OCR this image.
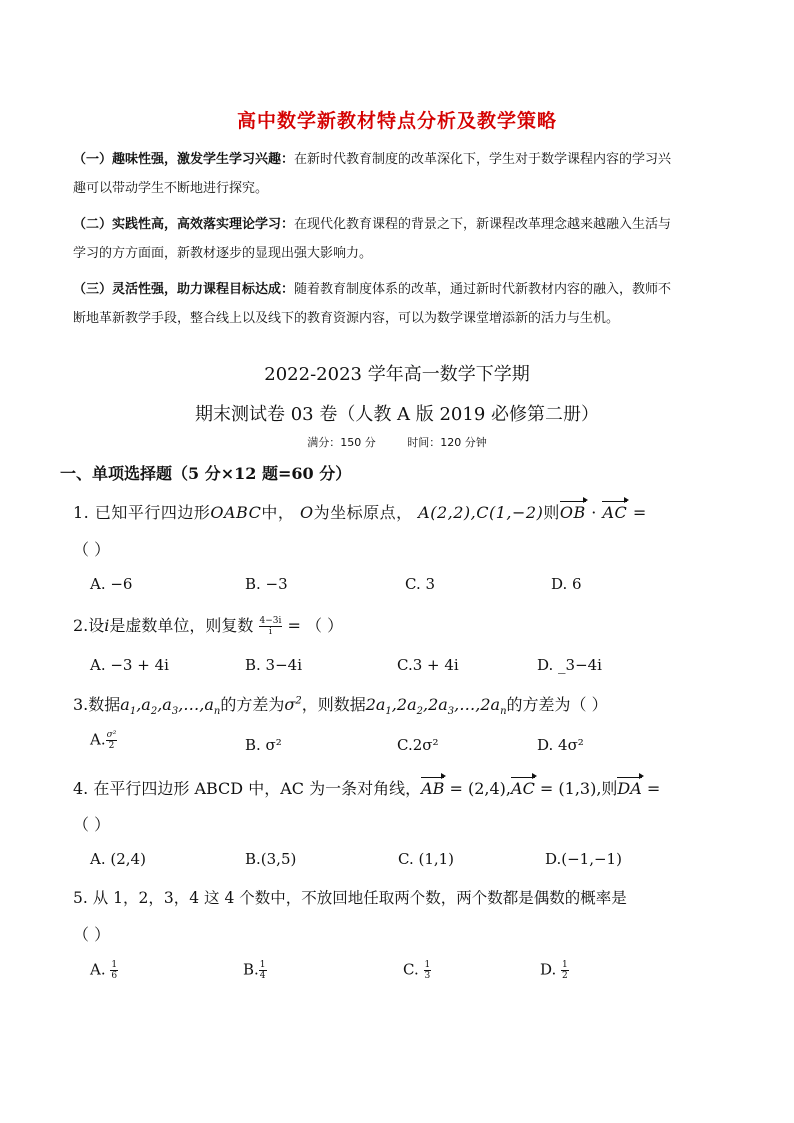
高中数学新教材特点分析及教学策略
（一）趣味性强，激发学生学习兴趣：在新时代教育制度的改革深化下，学生对于数学课程内容的学习兴
趣可以带动学生不断地进行探究。
（二）实践性高，高效落实理论学习：在现代化教育课程的背景之下，新课程改革理念越来越融入生活与
学习的方方面面，新教材逐步的显现出强大影响力。
（三）灵活性强，助力课程目标达成：随着教育制度体系的改革，通过新时代新教材内容的融入，教师不
断地革新教学手段，整合线上以及线下的教育资源内容，可以为数学课堂增添新的活力与生机。
2022-2023 学年高一数学下学期
期末测试卷 03 卷（人教 A 版 2019 必修第二册）
满分：150 分	时间：120 分钟
一、单项选择题（5 分×12 题=60 分）
1. 已知平行四边形OABC中， O为坐标原点， A(2,2),C(1,−2)则OB · AC =
（ ）
A. −6	B. −3	C. 3	D. 6
2.设i是虚数单位，则复数 $\frac{4-3i}{i}$ = （ ）
A. −3 + 4i	B. 3−4i	C.3 + 4i	D. _3−4i
3.数据$a_1,a_2,a_3,\dots,a_n$的方差为$\sigma^2$，则数据$2a_1,2a_2,2a_3,\dots,2a_n$的方差为（ ）
A. $\frac{\text{σ²}}{2}$	B. σ²	C.2σ²	D. 4σ²
4. 在平行四边形 ABCD 中，AC 为一条对角线，AB = (2,4),AC = (1,3),则DA =
（ ）
A. (2,4)	B.(3,5)	C. (1,1)	D.(−1,−1)
5. 从 1，2，3，4 这 4 个数中，不放回地任取两个数，两个数都是偶数的概率是
（ ）
A. $\frac{1}{6}$	B. $\frac{1}{4}$	C. $\frac{1}{3}$	D. $\frac{1}{2}$
